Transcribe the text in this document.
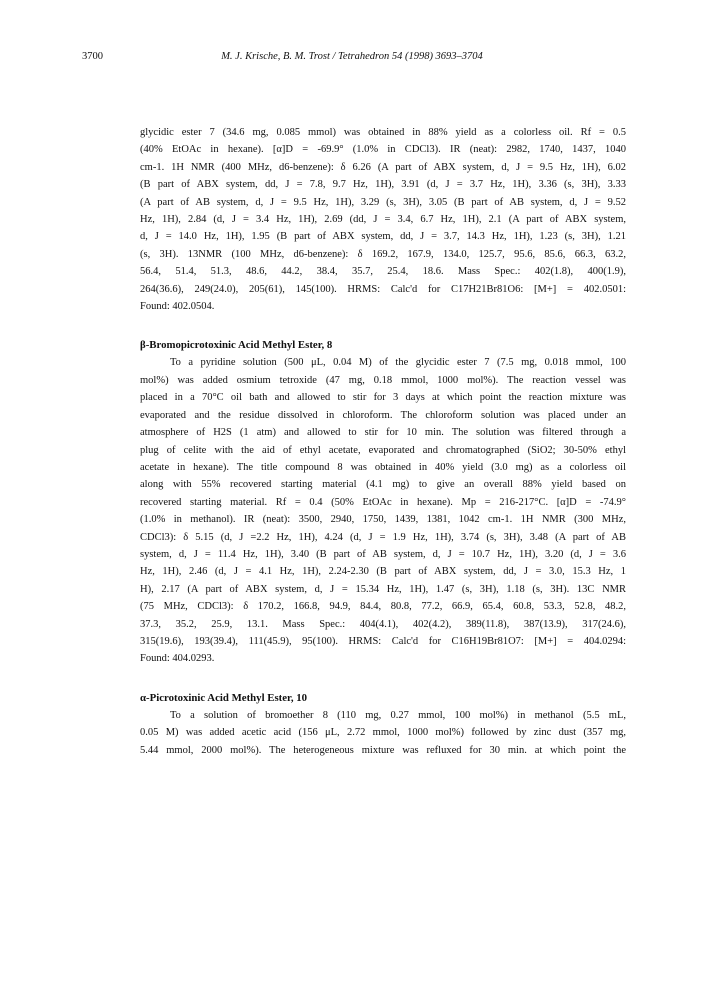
3700	M. J. Krische, B. M. Trost / Tetrahedron 54 (1998) 3693–3704

glycidic ester 7 (34.6 mg, 0.085 mmol) was obtained in 88% yield as a colorless oil. Rf = 0.5
(40% EtOAc in hexane). [α]D = -69.9° (1.0% in CDCl3). IR (neat): 2982, 1740, 1437, 1040
cm-1. 1H NMR (400 MHz, d6-benzene): δ 6.26 (A part of ABX system, d, J = 9.5 Hz, 1H), 6.02
(B part of ABX system, dd, J = 7.8, 9.7 Hz, 1H), 3.91 (d, J = 3.7 Hz, 1H), 3.36 (s, 3H), 3.33
(A part of AB system, d, J = 9.5 Hz, 1H), 3.29 (s, 3H), 3.05 (B part of AB system, d, J = 9.52
Hz, 1H), 2.84 (d, J = 3.4 Hz, 1H), 2.69 (dd, J = 3.4, 6.7 Hz, 1H), 2.1 (A part of ABX system,
d, J = 14.0 Hz, 1H), 1.95 (B part of ABX system, dd, J = 3.7, 14.3 Hz, 1H), 1.23 (s, 3H), 1.21
(s, 3H). 13NMR (100 MHz, d6-benzene): δ 169.2, 167.9, 134.0, 125.7, 95.6, 85.6, 66.3, 63.2,
56.4, 51.4, 51.3, 48.6, 44.2, 38.4, 35.7, 25.4, 18.6. Mass Spec.: 402(1.8), 400(1.9),
264(36.6), 249(24.0), 205(61), 145(100). HRMS: Calc'd for C17H21Br81O6: [M+] = 402.0501:
Found: 402.0504.

β-Bromopicrotoxinic Acid Methyl Ester, 8

To a pyridine solution (500 μL, 0.04 M) of the glycidic ester 7 (7.5 mg, 0.018 mmol, 100
mol%) was added osmium tetroxide (47 mg, 0.18 mmol, 1000 mol%). The reaction vessel was
placed in a 70°C oil bath and allowed to stir for 3 days at which point the reaction mixture was
evaporated and the residue dissolved in chloroform. The chloroform solution was placed under an
atmosphere of H2S (1 atm) and allowed to stir for 10 min. The solution was filtered through a
plug of celite with the aid of ethyl acetate, evaporated and chromatographed (SiO2; 30-50% ethyl
acetate in hexane). The title compound 8 was obtained in 40% yield (3.0 mg) as a colorless oil
along with 55% recovered starting material (4.1 mg) to give an overall 88% yield based on
recovered starting material. Rf = 0.4 (50% EtOAc in hexane). Mp = 216-217°C. [α]D = -74.9°
(1.0% in methanol). IR (neat): 3500, 2940, 1750, 1439, 1381, 1042 cm-1. 1H NMR (300 MHz,
CDCl3): δ 5.15 (d, J =2.2 Hz, 1H), 4.24 (d, J = 1.9 Hz, 1H), 3.74 (s, 3H), 3.48 (A part of AB
system, d, J = 11.4 Hz, 1H), 3.40 (B part of AB system, d, J = 10.7 Hz, 1H), 3.20 (d, J = 3.6
Hz, 1H), 2.46 (d, J = 4.1 Hz, 1H), 2.24-2.30 (B part of ABX system, dd, J = 3.0, 15.3 Hz, 1
H), 2.17 (A part of ABX system, d, J = 15.34 Hz, 1H), 1.47 (s, 3H), 1.18 (s, 3H). 13C NMR
(75 MHz, CDCl3): δ 170.2, 166.8, 94.9, 84.4, 80.8, 77.2, 66.9, 65.4, 60.8, 53.3, 52.8, 48.2,
37.3, 35.2, 25.9, 13.1. Mass Spec.: 404(4.1), 402(4.2), 389(11.8), 387(13.9), 317(24.6),
315(19.6), 193(39.4), 111(45.9), 95(100). HRMS: Calc'd for C16H19Br81O7: [M+] = 404.0294:
Found: 404.0293.

α-Picrotoxinic Acid Methyl Ester, 10

To a solution of bromoether 8 (110 mg, 0.27 mmol, 100 mol%) in methanol (5.5 mL,
0.05 M) was added acetic acid (156 μL, 2.72 mmol, 1000 mol%) followed by zinc dust (357 mg,
5.44 mmol, 2000 mol%). The heterogeneous mixture was refluxed for 30 min. at which point the
